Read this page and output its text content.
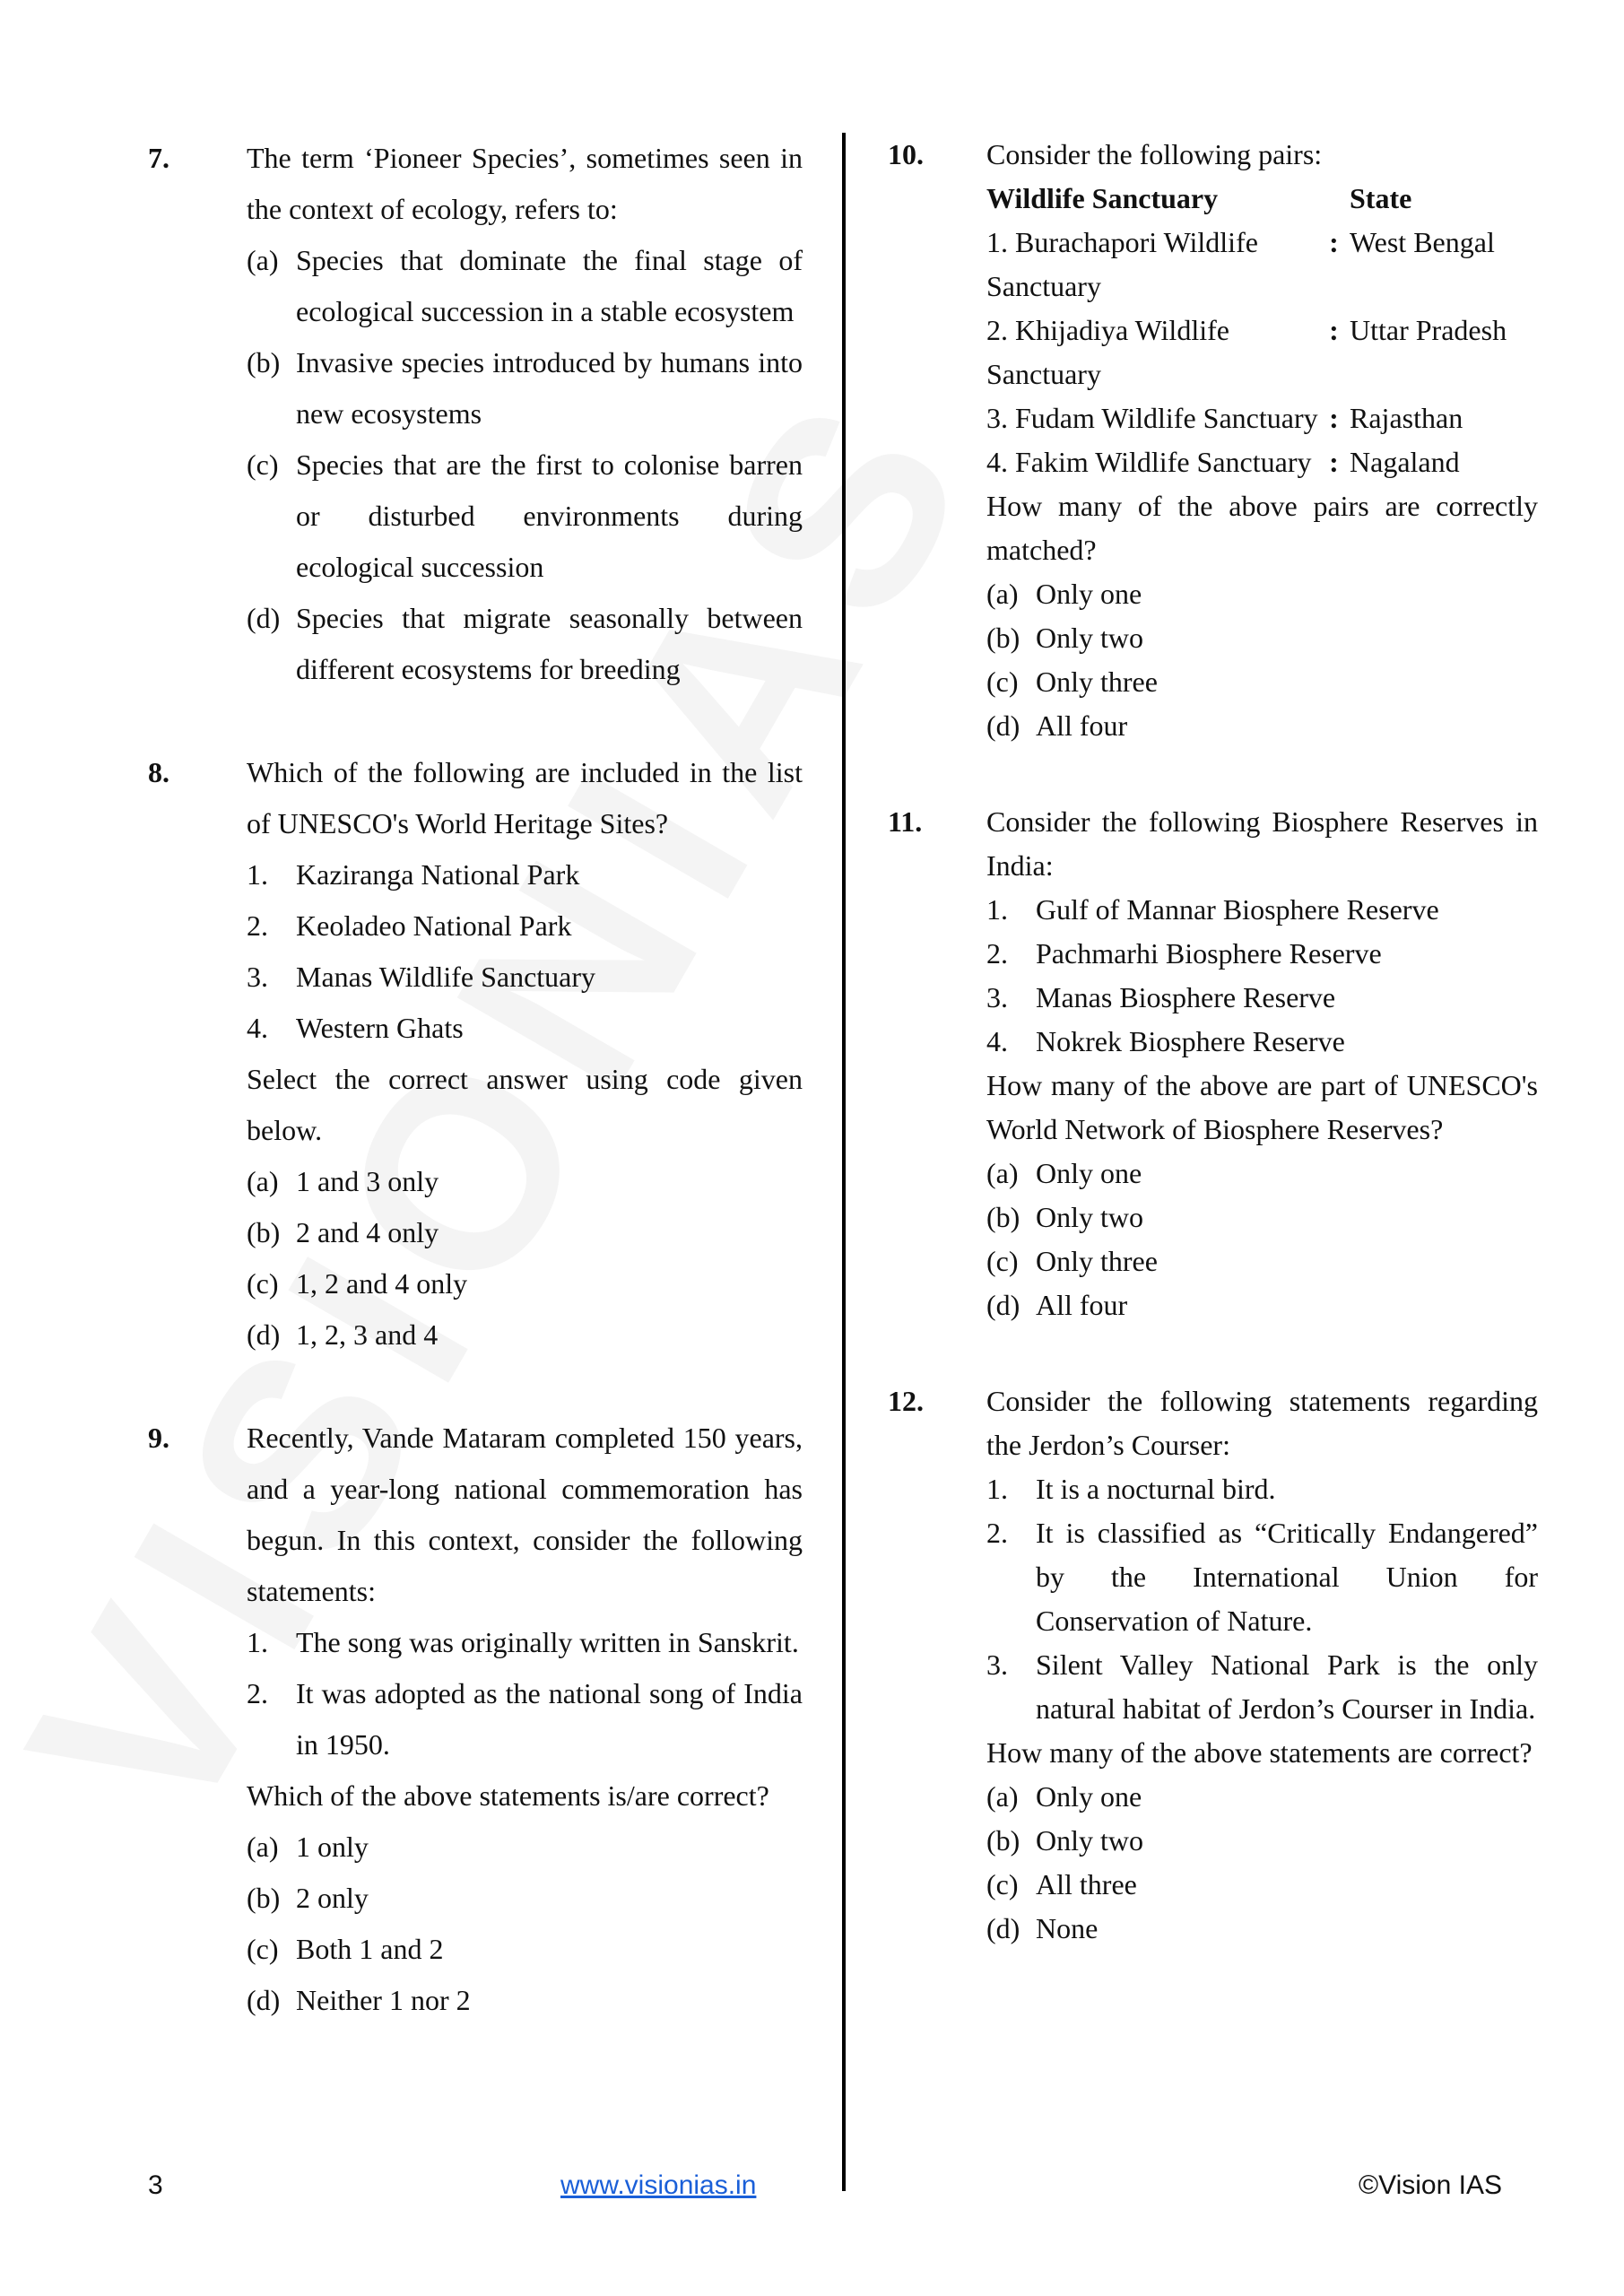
7.	The term ‘Pioneer Species’, sometimes seen in the context of ecology, refers to:
(a) Species that dominate the final stage of ecological succession in a stable ecosystem
(b) Invasive species introduced by humans into new ecosystems
(c) Species that are the first to colonise barren or disturbed environments during ecological succession
(d) Species that migrate seasonally between different ecosystems for breeding
8.	Which of the following are included in the list of UNESCO's World Heritage Sites?
1. Kaziranga National Park
2. Keoladeo National Park
3. Manas Wildlife Sanctuary
4. Western Ghats
Select the correct answer using code given below.
(a) 1 and 3 only
(b) 2 and 4 only
(c) 1, 2 and 4 only
(d) 1, 2, 3 and 4
9.	Recently, Vande Mataram completed 150 years, and a year-long national commemoration has begun. In this context, consider the following statements:
1. The song was originally written in Sanskrit.
2. It was adopted as the national song of India in 1950.
Which of the above statements is/are correct?
(a) 1 only
(b) 2 only
(c) Both 1 and 2
(d) Neither 1 nor 2
10. Consider the following pairs:
Wildlife Sanctuary		State
1. Burachapori Wildlife Sanctuary	:	West Bengal
2. Khijadiya Wildlife Sanctuary	:	Uttar Pradesh
3. Fudam Wildlife Sanctuary	:	Rajasthan
4. Fakim Wildlife Sanctuary	:	Nagaland
How many of the above pairs are correctly matched?
(a) Only one
(b) Only two
(c) Only three
(d) All four
11. Consider the following Biosphere Reserves in India:
1. Gulf of Mannar Biosphere Reserve
2. Pachmarhi Biosphere Reserve
3. Manas Biosphere Reserve
4. Nokrek Biosphere Reserve
How many of the above are part of UNESCO's World Network of Biosphere Reserves?
(a) Only one
(b) Only two
(c) Only three
(d) All four
12. Consider the following statements regarding the Jerdon’s Courser:
1. It is a nocturnal bird.
2. It is classified as “Critically Endangered” by the International Union for Conservation of Nature.
3. Silent Valley National Park is the only natural habitat of Jerdon’s Courser in India.
How many of the above statements are correct?
(a) Only one
(b) Only two
(c) All three
(d) None
3	www.visionias.in	©Vision IAS
